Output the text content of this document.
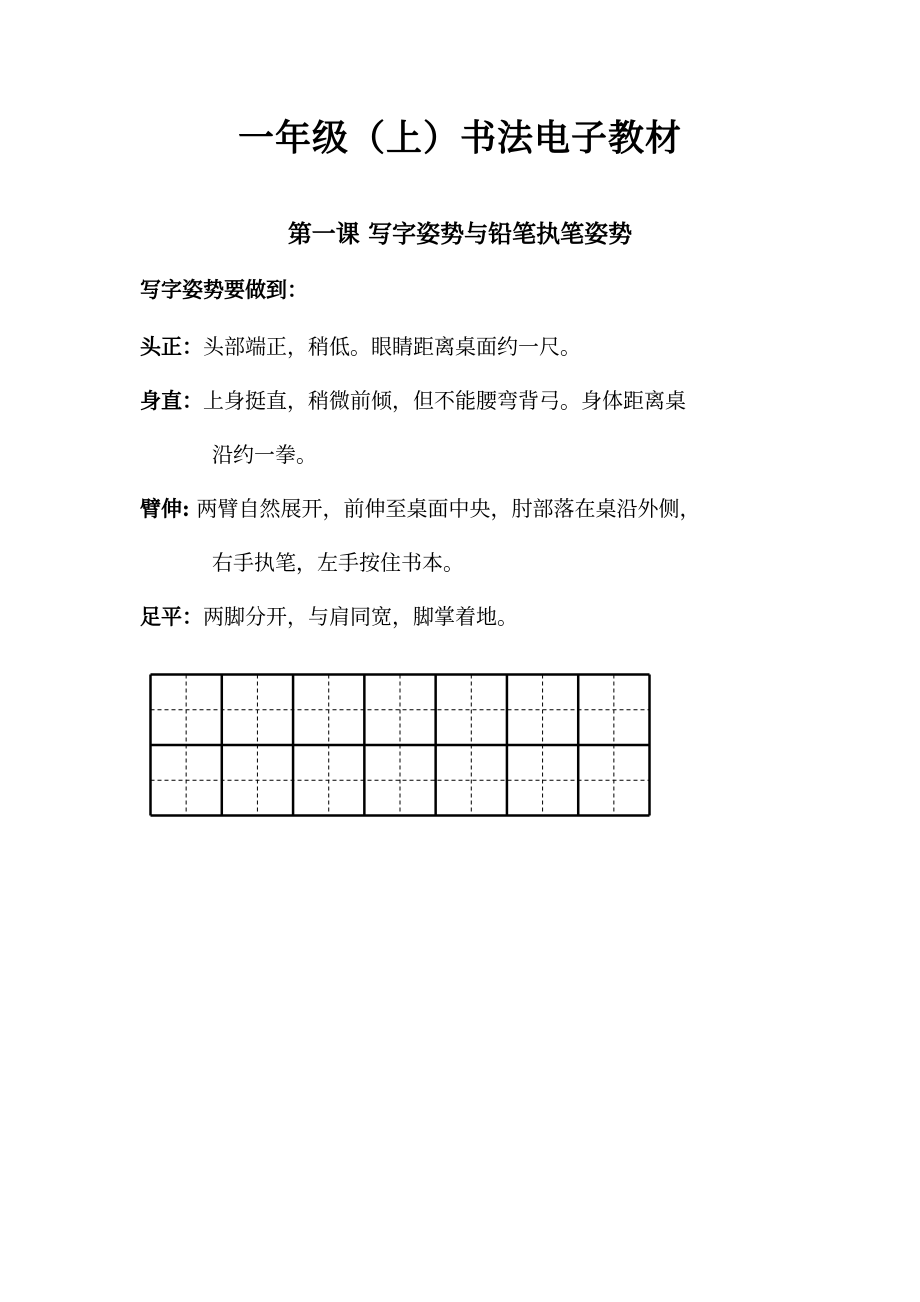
一年级（上）书法电子教材
第一课 写字姿势与铅笔执笔姿势

写字姿势要做到：

头正：头部端正，稍低。眼睛距离桌面约一尺。
身直：上身挺直，稍微前倾，但不能腰弯背弓。身体距离桌
沿约一拳。
臂伸: 两臂自然展开，前伸至桌面中央，肘部落在桌沿外侧，
右手执笔，左手按住书本。
足平：两脚分开，与肩同宽，脚掌着地。
